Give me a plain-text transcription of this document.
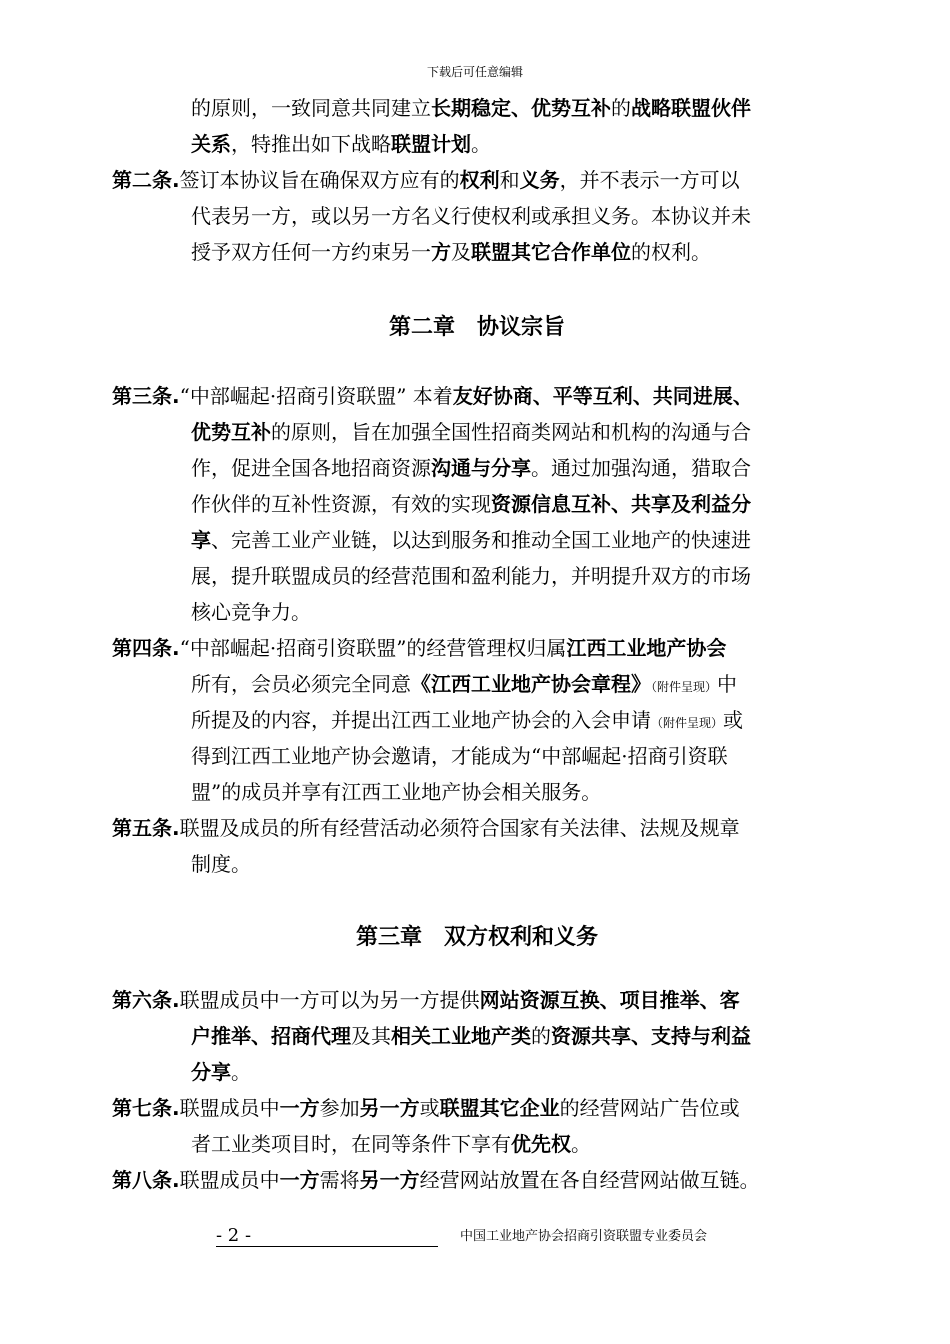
下载后可任意编辑
的原则，一致同意共同建立长期稳定、优势互补的战略联盟伙伴
关系，特推出如下战略联盟计划。
第二条.签订本协议旨在确保双方应有的权利和义务，并不表示一方可以
代表另一方，或以另一方名义行使权利或承担义务。本协议并未
授予双方任何一方约束另一方及联盟其它合作单位的权利。
第二章　协议宗旨
第三条.“中部崛起·招商引资联盟” 本着友好协商、平等互利、共同进展、
优势互补的原则，旨在加强全国性招商类网站和机构的沟通与合
作，促进全国各地招商资源沟通与分享。通过加强沟通，猎取合
作伙伴的互补性资源，有效的实现资源信息互补、共享及利益分
享、完善工业产业链，以达到服务和推动全国工业地产的快速进
展，提升联盟成员的经营范围和盈利能力，并明提升双方的市场
核心竞争力。
第四条.“中部崛起·招商引资联盟”的经营管理权归属江西工业地产协会
所有，会员必须完全同意《江西工业地产协会章程》（附件呈现）中
所提及的内容，并提出江西工业地产协会的入会申请（附件呈现）或
得到江西工业地产协会邀请，才能成为“中部崛起·招商引资联
盟”的成员并享有江西工业地产协会相关服务。
第五条.联盟及成员的所有经营活动必须符合国家有关法律、法规及规章
制度。
第三章　双方权利和义务
第六条.联盟成员中一方可以为另一方提供网站资源互换、项目推举、客
户推举、招商代理及其相关工业地产类的资源共享、支持与利益
分享。
第七条.联盟成员中一方参加另一方或联盟其它企业的经营网站广告位或
者工业类项目时，在同等条件下享有优先权。
第八条.联盟成员中一方需将另一方经营网站放置在各自经营网站做互链。
- 2 -	中国工业地产协会招商引资联盟专业委员会
